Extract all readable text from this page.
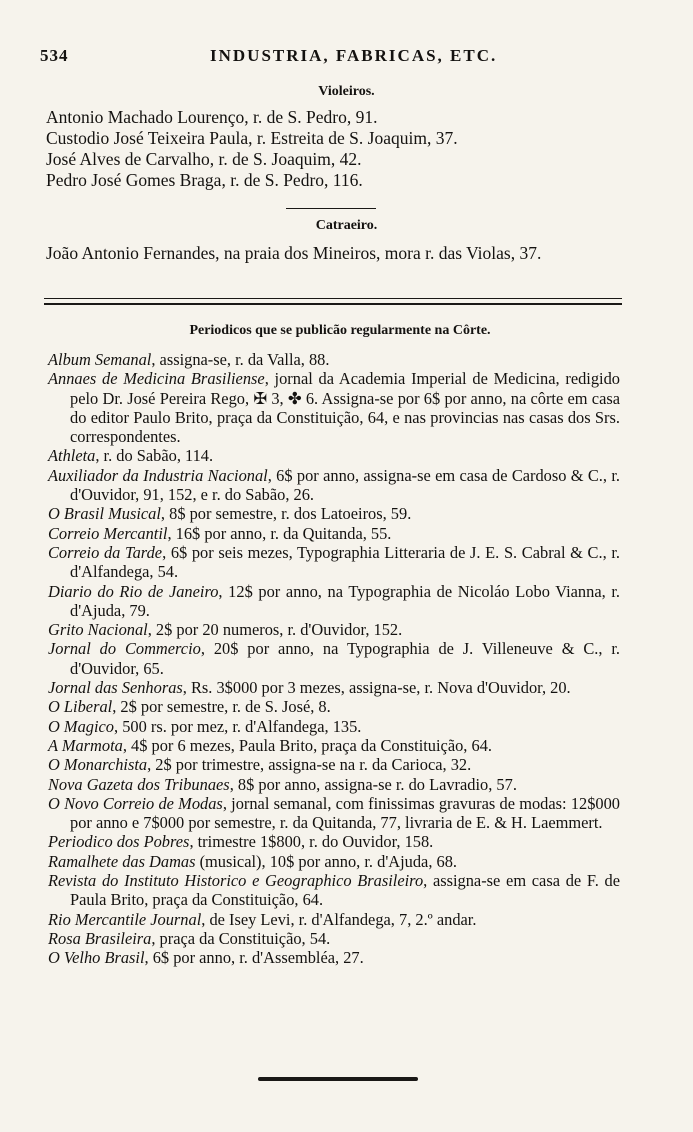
534	INDUSTRIA, FABRICAS, ETC.
Violeiros.
Antonio Machado Lourenço, r. de S. Pedro, 91.
Custodio José Teixeira Paula, r. Estreita de S. Joaquim, 37.
José Alves de Carvalho, r. de S. Joaquim, 42.
Pedro José Gomes Braga, r. de S. Pedro, 116.
Catraeiro.
João Antonio Fernandes, na praia dos Mineiros, mora r. das Violas, 37.
Periodicos que se publicão regularmente na Côrte.

Album Semanal, assigna-se, r. da Valla, 88.

Annaes de Medicina Brasiliense, jornal da Academia Imperial de Medicina, redigido pelo Dr. José Pereira Rego, ✠ 3, ✤ 6. Assigna-se por 6$ por anno, na côrte em casa do editor Paulo Brito, praça da Constituição, 64, e nas provincias nas casas dos Srs. correspondentes.

Athleta, r. do Sabão, 114.

Auxiliador da Industria Nacional, 6$ por anno, assigna-se em casa de Cardoso & C., r. d'Ouvidor, 91, 152, e r. do Sabão, 26.

O Brasil Musical, 8$ por semestre, r. dos Latoeiros, 59.

Correio Mercantil, 16$ por anno, r. da Quitanda, 55.

Correio da Tarde, 6$ por seis mezes, Typographia Litteraria de J. E. S. Cabral & C., r. d'Alfandega, 54.

Diario do Rio de Janeiro, 12$ por anno, na Typographia de Nicoláo Lobo Vianna, r. d'Ajuda, 79.

Grito Nacional, 2$ por 20 numeros, r. d'Ouvidor, 152.

Jornal do Commercio, 20$ por anno, na Typographia de J. Villeneuve & C., r. d'Ouvidor, 65.

Jornal das Senhoras, Rs. 3$000 por 3 mezes, assigna-se, r. Nova d'Ouvidor, 20.

O Liberal, 2$ por semestre, r. de S. José, 8.

O Magico, 500 rs. por mez, r. d'Alfandega, 135.

A Marmota, 4$ por 6 mezes, Paula Brito, praça da Constituição, 64.

O Monarchista, 2$ por trimestre, assigna-se na r. da Carioca, 32.

Nova Gazeta dos Tribunaes, 8$ por anno, assigna-se r. do Lavradio, 57.

O Novo Correio de Modas, jornal semanal, com finissimas gravuras de modas: 12$000 por anno e 7$000 por semestre, r. da Quitanda, 77, livraria de E. & H. Laemmert.

Periodico dos Pobres, trimestre 1$800, r. do Ouvidor, 158.

Ramalhete das Damas (musical), 10$ por anno, r. d'Ajuda, 68.

Revista do Instituto Historico e Geographico Brasileiro, assigna-se em casa de F. de Paula Brito, praça da Constituição, 64.

Rio Mercantile Journal, de Isey Levi, r. d'Alfandega, 7, 2.º andar.

Rosa Brasileira, praça da Constituição, 54.

O Velho Brasil, 6$ por anno, r. d'Assembléa, 27.
